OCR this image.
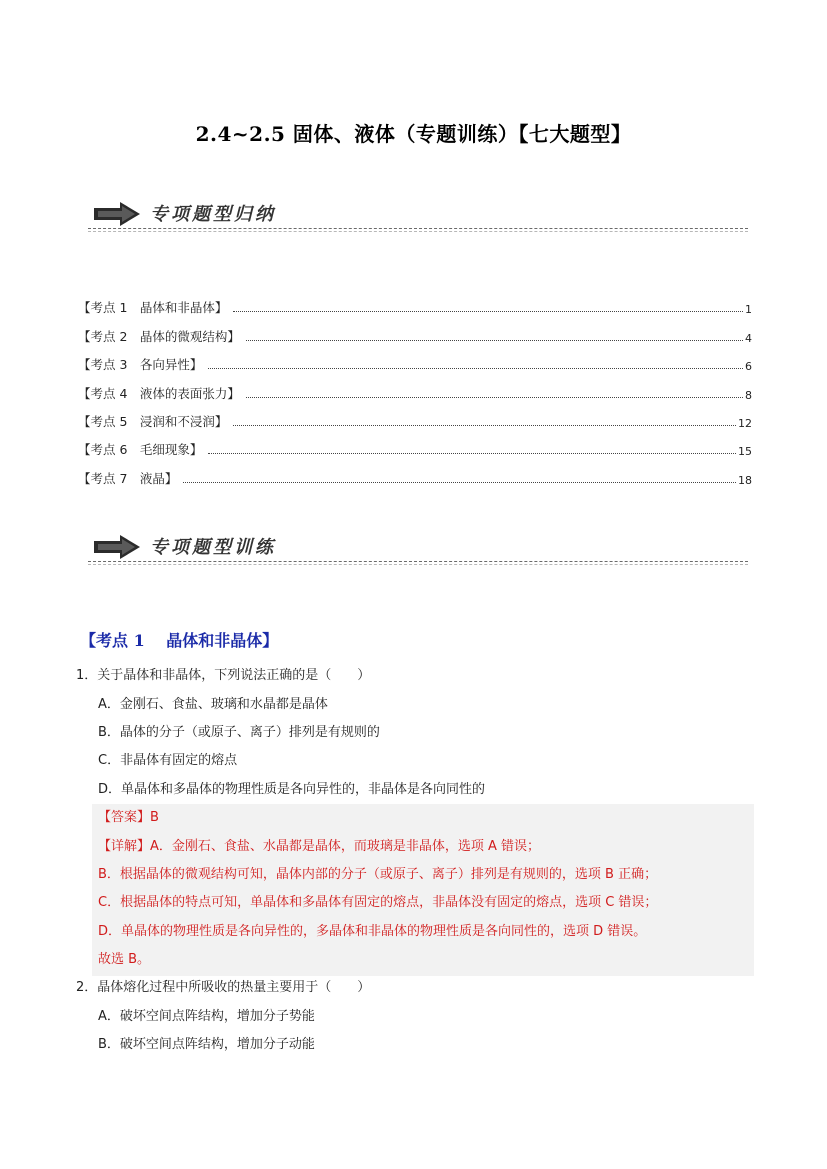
2.4~2.5 固体、液体（专题训练）【七大题型】
专项题型归纳
【考点 1　晶体和非晶体】	1
【考点 2　晶体的微观结构】	4
【考点 3　各向异性】	6
【考点 4　液体的表面张力】	8
【考点 5　浸润和不浸润】	12
【考点 6　毛细现象】	15
【考点 7　液晶】	18
专项题型训练
【考点 1　 晶体和非晶体】
1．关于晶体和非晶体，下列说法正确的是（　　）
A．金刚石、食盐、玻璃和水晶都是晶体
B．晶体的分子（或原子、离子）排列是有规则的
C．非晶体有固定的熔点
D．单晶体和多晶体的物理性质是各向异性的，非晶体是各向同性的
【答案】B
【详解】A．金刚石、食盐、水晶都是晶体，而玻璃是非晶体，选项 A 错误；
B．根据晶体的微观结构可知，晶体内部的分子（或原子、离子）排列是有规则的，选项 B 正确；
C．根据晶体的特点可知，单晶体和多晶体有固定的熔点，非晶体没有固定的熔点，选项 C 错误；
D．单晶体的物理性质是各向异性的，多晶体和非晶体的物理性质是各向同性的，选项 D 错误。
故选 B。
2．晶体熔化过程中所吸收的热量主要用于（　　）
A．破坏空间点阵结构，增加分子势能
B．破坏空间点阵结构，增加分子动能
